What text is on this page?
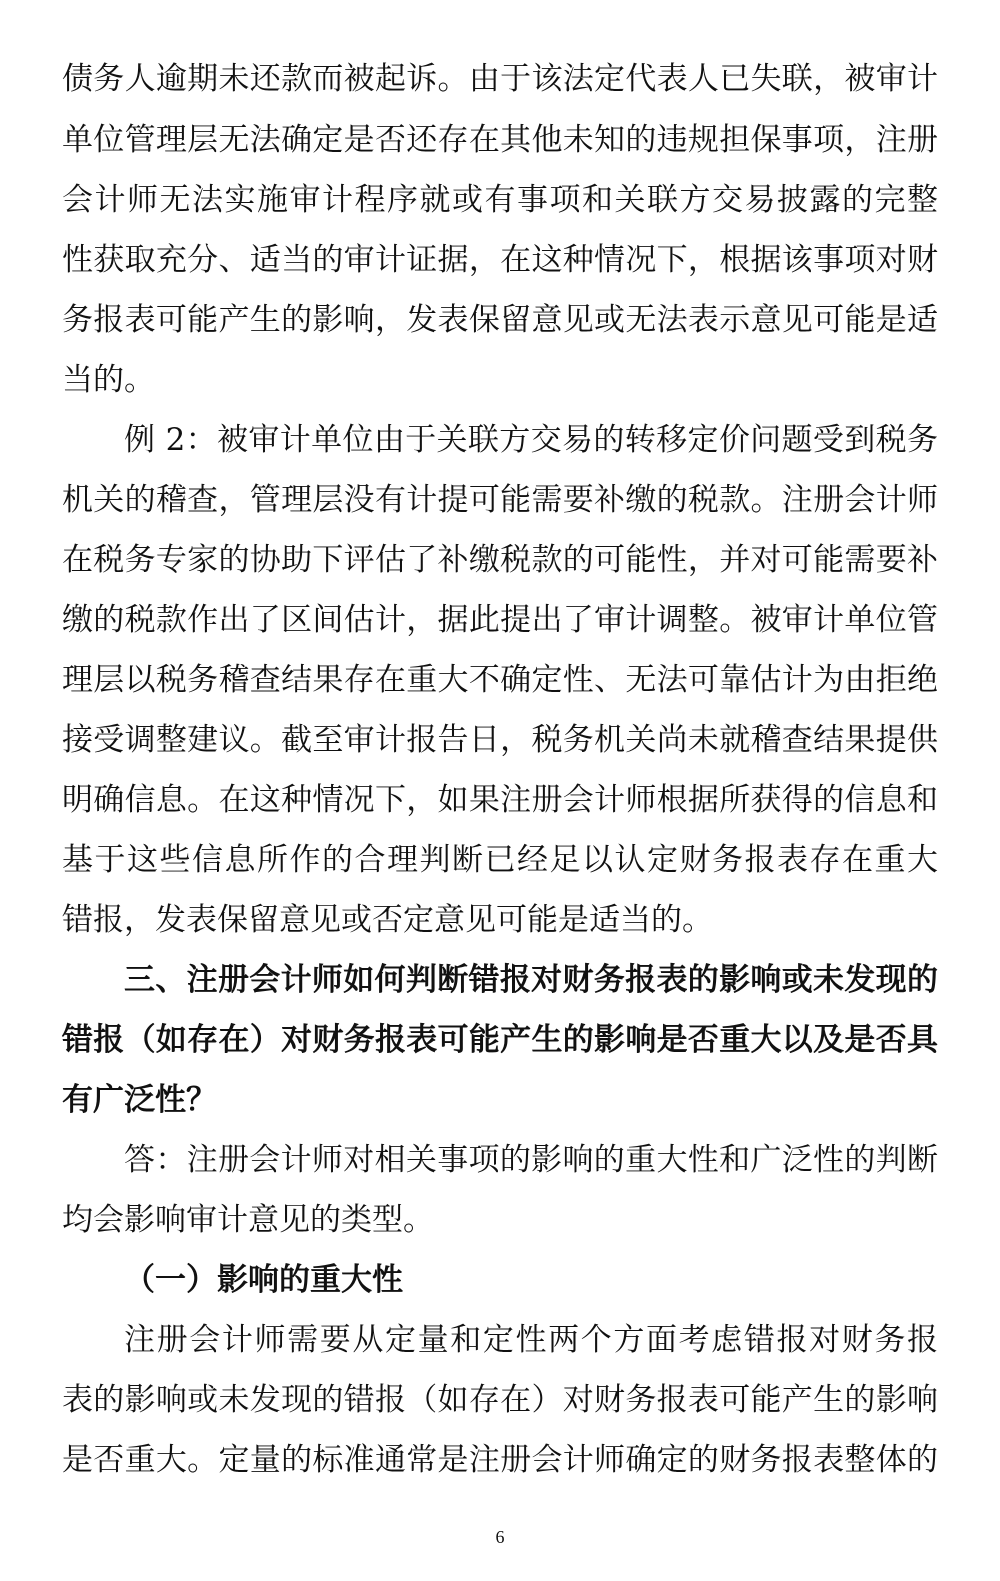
债务人逾期未还款而被起诉。由于该法定代表人已失联，被审计
单位管理层无法确定是否还存在其他未知的违规担保事项，注册
会计师无法实施审计程序就或有事项和关联方交易披露的完整
性获取充分、适当的审计证据，在这种情况下，根据该事项对财
务报表可能产生的影响，发表保留意见或无法表示意见可能是适
当的。
例 2：被审计单位由于关联方交易的转移定价问题受到税务
机关的稽查，管理层没有计提可能需要补缴的税款。注册会计师
在税务专家的协助下评估了补缴税款的可能性，并对可能需要补
缴的税款作出了区间估计，据此提出了审计调整。被审计单位管
理层以税务稽查结果存在重大不确定性、无法可靠估计为由拒绝
接受调整建议。截至审计报告日，税务机关尚未就稽查结果提供
明确信息。在这种情况下，如果注册会计师根据所获得的信息和
基于这些信息所作的合理判断已经足以认定财务报表存在重大
错报，发表保留意见或否定意见可能是适当的。
三、注册会计师如何判断错报对财务报表的影响或未发现的
错报（如存在）对财务报表可能产生的影响是否重大以及是否具
有广泛性？
答：注册会计师对相关事项的影响的重大性和广泛性的判断
均会影响审计意见的类型。
（一）影响的重大性
注册会计师需要从定量和定性两个方面考虑错报对财务报
表的影响或未发现的错报（如存在）对财务报表可能产生的影响
是否重大。定量的标准通常是注册会计师确定的财务报表整体的
6
